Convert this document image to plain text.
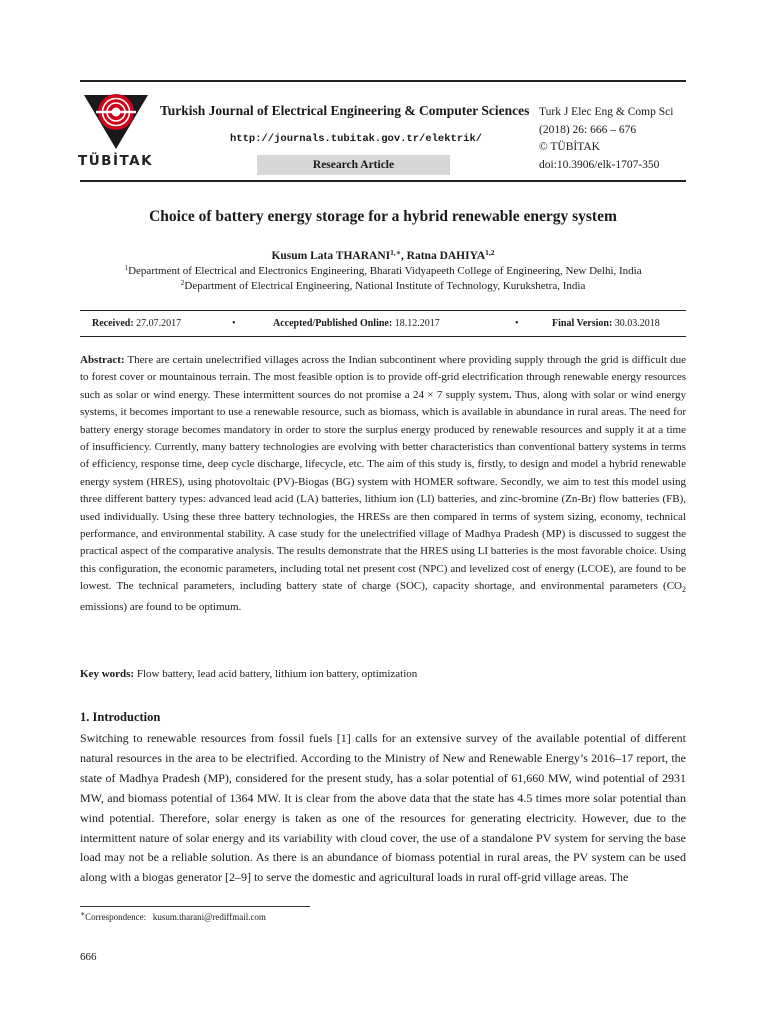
TÜBİTAK
Turkish Journal of Electrical Engineering & Computer Sciences
http://journals.tubitak.gov.tr/elektrik/
Research Article
Turk J Elec Eng & Comp Sci
(2018) 26: 666 – 676
© TÜBİTAK
doi:10.3906/elk-1707-350
Choice of battery energy storage for a hybrid renewable energy system
Kusum Lata $THARANI^{1,∗}$, Ratna DAHIYA$^{1,2}$
$^1$Department of Electrical and Electronics Engineering, Bharati Vidyapeeth College of Engineering, New Delhi, India
$^2$Department of Electrical Engineering, National Institute of Technology, Kurukshetra, India
Received: 27.07.2017	•	Accepted/Published Online: 18.12.2017	•	Final Version: 30.03.2018
Abstract: There are certain unelectrified villages across the Indian subcontinent where providing supply through the grid is difficult due to forest cover or mountainous terrain. The most feasible option is to provide off-grid electrification through renewable energy resources such as solar or wind energy. These intermittent sources do not promise a 24 × 7 supply system. Thus, along with solar or wind energy systems, it becomes important to use a renewable resource, such as biomass, which is available in abundance in rural areas. The need for battery energy storage becomes mandatory in order to store the surplus energy produced by renewable resources and supply it at a time of insufficiency. Currently, many battery technologies are evolving with better characteristics than conventional battery systems in terms of efficiency, response time, deep cycle discharge, lifecycle, etc. The aim of this study is, firstly, to design and model a hybrid renewable energy system (HRES), using photovoltaic (PV)-Biogas (BG) system with HOMER software. Secondly, we aim to test this model using three different battery types: advanced lead acid (LA) batteries, lithium ion (LI) batteries, and zinc-bromine (Zn-Br) flow batteries (FB), used individually. Using these three battery technologies, the HRESs are then compared in terms of system sizing, economy, technical performance, and environmental stability. A case study for the unelectrified village of Madhya Pradesh (MP) is discussed to suggest the practical aspect of the comparative analysis. The results demonstrate that the HRES using LI batteries is the most favorable choice. Using this configuration, the economic parameters, including total net present cost (NPC) and levelized cost of energy (LCOE), are found to be lowest. The technical parameters, including battery state of charge (SOC), capacity shortage, and environmental parameters ($CO_2$ emissions) are found to be optimum.
Key words: Flow battery, lead acid battery, lithium ion battery, optimization
1. Introduction
Switching to renewable resources from fossil fuels [1] calls for an extensive survey of the available potential of different natural resources in the area to be electrified. According to the Ministry of New and Renewable Energy’s 2016–17 report, the state of Madhya Pradesh (MP), considered for the present study, has a solar potential of 61,660 MW, wind potential of 2931 MW, and biomass potential of 1364 MW. It is clear from the above data that the state has 4.5 times more solar potential than wind potential. Therefore, solar energy is taken as one of the resources for generating electricity. However, due to the intermittent nature of solar energy and its variability with cloud cover, the use of a standalone PV system for serving the base load may not be a reliable solution. As there is an abundance of biomass potential in rural areas, the PV system can be used along with a biogas generator [2–9] to serve the domestic and agricultural loads in rural off-grid village areas. The
∗Correspondence: kusum.tharani@rediffmail.com
666
